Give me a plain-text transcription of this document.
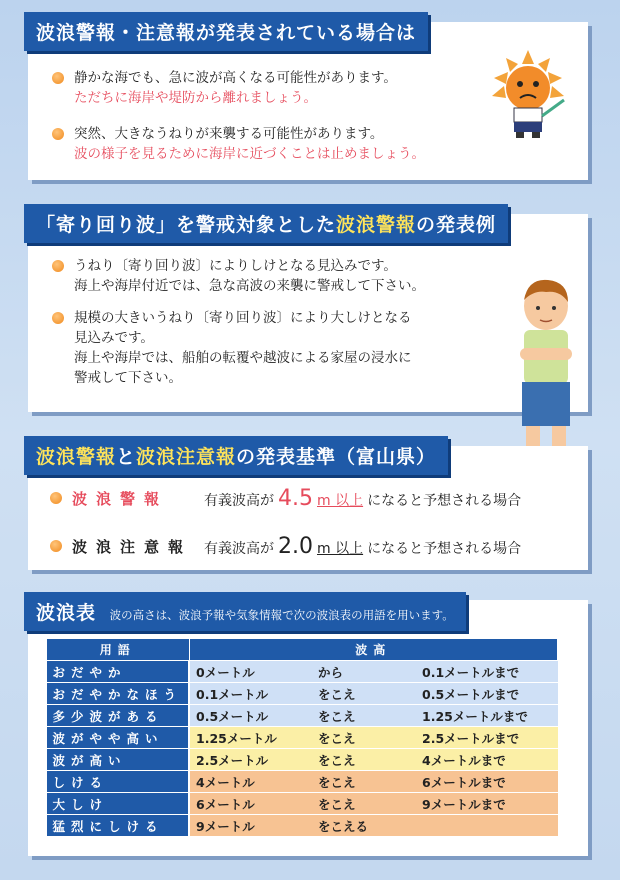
波浪警報・注意報が発表されている場合は
静かな海でも、急に波が高くなる可能性があります。
ただちに海岸や堤防から離れましょう。
突然、大きなうねりが来襲する可能性があります。
波の様子を見るために海岸に近づくことは止めましょう。
「寄り回り波」を警戒対象とした波浪警報の発表例
うねり〔寄り回り波〕によりしけとなる見込みです。
海上や海岸付近では、急な高波の来襲に警戒して下さい。
規模の大きいうねり〔寄り回り波〕により大しけとなる
見込みです。
海上や海岸では、船舶の転覆や越波による家屋の浸水に
警戒して下さい。
波浪警報と波浪注意報の発表基準（富山県）
波浪警報	有義波高が 4.5 m 以上 になると予想される場合
波浪注意報 有義波高が 2.0 m 以上 になると予想される場合
波浪表 波の高さは、波浪予報や気象情報で次の波浪表の用語を用います。
用語	波高		
おだやか	0メートル	から	0.1メートルまで
おだやかなほう	0.1メートル	をこえ	0.5メートルまで
多少波がある	0.5メートル	をこえ	1.25メートルまで
波がやや高い	1.25メートル	をこえ	2.5メートルまで
波が高い	2.5メートル	をこえ	4メートルまで
しける	4メートル	をこえ	6メートルまで
大しけ	6メートル	をこえ	9メートルまで
猛烈にしける	9メートル	をこえる	
